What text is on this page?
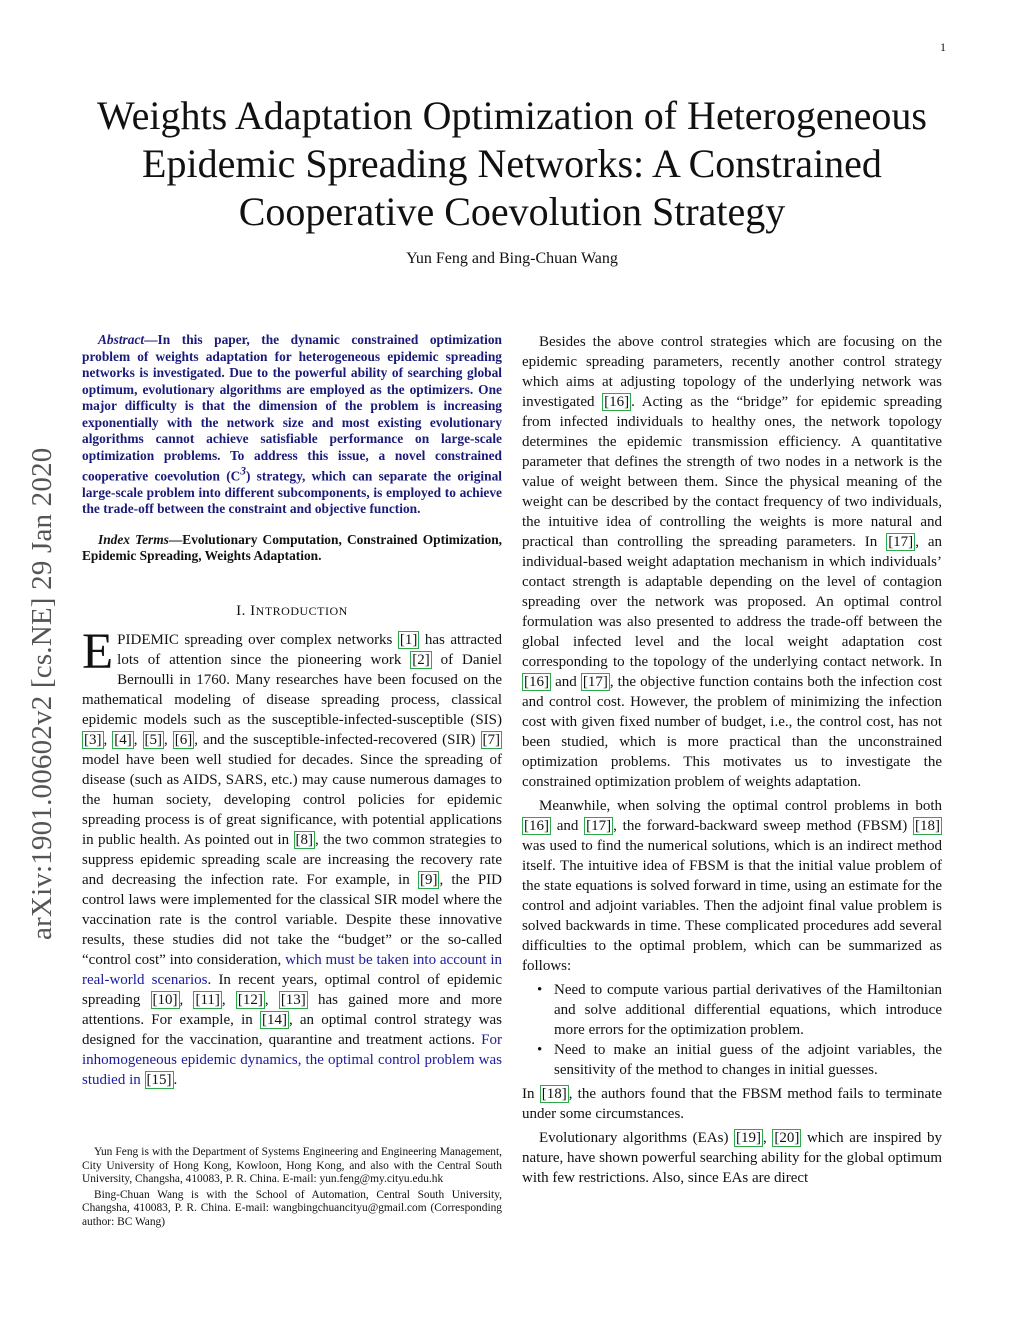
1
arXiv:1901.00602v2 [cs.NE] 29 Jan 2020
Weights Adaptation Optimization of Heterogeneous
Epidemic Spreading Networks: A Constrained
Cooperative Coevolution Strategy
Yun Feng and Bing-Chuan Wang

Abstract—In this paper, the dynamic constrained optimization problem of weights adaptation for heterogeneous epidemic spreading networks is investigated. Due to the powerful ability of searching global optimum, evolutionary algorithms are employed as the optimizers. One major difficulty is that the dimension of the problem is increasing exponentially with the network size and most existing evolutionary algorithms cannot achieve satisfiable performance on large-scale optimization problems. To address this issue, a novel constrained cooperative coevolution $(C^3)$ strategy, which can separate the original large-scale problem into different subcomponents, is employed to achieve the trade-off between the constraint and objective function.

Index Terms—Evolutionary Computation, Constrained Optimization, Epidemic Spreading, Weights Adaptation.

I. INTRODUCTION

EPIDEMIC spreading over complex networks [1] has attracted lots of attention since the pioneering work [2] of Daniel Bernoulli in 1760. Many researches have been focused on the mathematical modeling of disease spreading process, classical epidemic models such as the susceptible-infected-susceptible (SIS) [3] , [4] , [5] , [6] , and the susceptible-infected-recovered (SIR) [7] model have been well studied for decades. Since the spreading of disease (such as AIDS, SARS, etc.) may cause numerous damages to the human society, developing control policies for epidemic spreading process is of great significance, with potential applications in public health. As pointed out in [8] , the two common strategies to suppress epidemic spreading scale are increasing the recovery rate and decreasing the infection rate. For example, in [9] , the PID control laws were implemented for the classical SIR model where the vaccination rate is the control variable. Despite these innovative results, these studies did not take the “budget” or the so-called “control cost” into consideration, which must be taken into account in real-world scenarios. In recent years, optimal control of epidemic spreading [10] , [11] , [12] , [13] has gained more and more attentions. For example, in [14] , an optimal control strategy was designed for the vaccination, quarantine and treatment actions. For inhomogeneous epidemic dynamics, the optimal control problem was studied in [15] .

Yun Feng is with the Department of Systems Engineering and Engineering Management, City University of Hong Kong, Kowloon, Hong Kong, and also with the Central South University, Changsha, 410083, P. R. China. E-mail: yun.feng@my.cityu.edu.hk

Bing-Chuan Wang is with the School of Automation, Central South University, Changsha, 410083, P. R. China. E-mail: wangbingchuancityu@gmail.com (Corresponding author: BC Wang)

Besides the above control strategies which are focusing on the epidemic spreading parameters, recently another control strategy which aims at adjusting topology of the underlying network was investigated [16] . Acting as the “bridge” for epidemic spreading from infected individuals to healthy ones, the network topology determines the epidemic transmission efficiency. A quantitative parameter that defines the strength of two nodes in a network is the value of weight between them. Since the physical meaning of the weight can be described by the contact frequency of two individuals, the intuitive idea of controlling the weights is more natural and practical than controlling the spreading parameters. In [17] , an individual-based weight adaptation mechanism in which individuals’ contact strength is adaptable depending on the level of contagion spreading over the network was proposed. An optimal control formulation was also presented to address the trade-off between the global infected level and the local weight adaptation cost corresponding to the topology of the underlying contact network. In [16] and [17] , the objective function contains both the infection cost and control cost. However, the problem of minimizing the infection cost with given fixed number of budget, i.e., the control cost, has not been studied, which is more practical than the unconstrained optimization problems. This motivates us to investigate the constrained optimization problem of weights adaptation.

Meanwhile, when solving the optimal control problems in both [16] and [17] , the forward-backward sweep method (FBSM) [18] was used to find the numerical solutions, which is an indirect method itself. The intuitive idea of FBSM is that the initial value problem of the state equations is solved forward in time, using an estimate for the control and adjoint variables. Then the adjoint final value problem is solved backwards in time. These complicated procedures add several difficulties to the optimal problem, which can be summarized as follows:

• Need to compute various partial derivatives of the Hamiltonian and solve additional differential equations, which introduce more errors for the optimization problem.
• Need to make an initial guess of the adjoint variables, the sensitivity of the method to changes in initial guesses.

In [18] , the authors found that the FBSM method fails to terminate under some circumstances.

Evolutionary algorithms (EAs) [19] , [20] which are inspired by nature, have shown powerful searching ability for the global optimum with few restrictions. Also, since EAs are direct
